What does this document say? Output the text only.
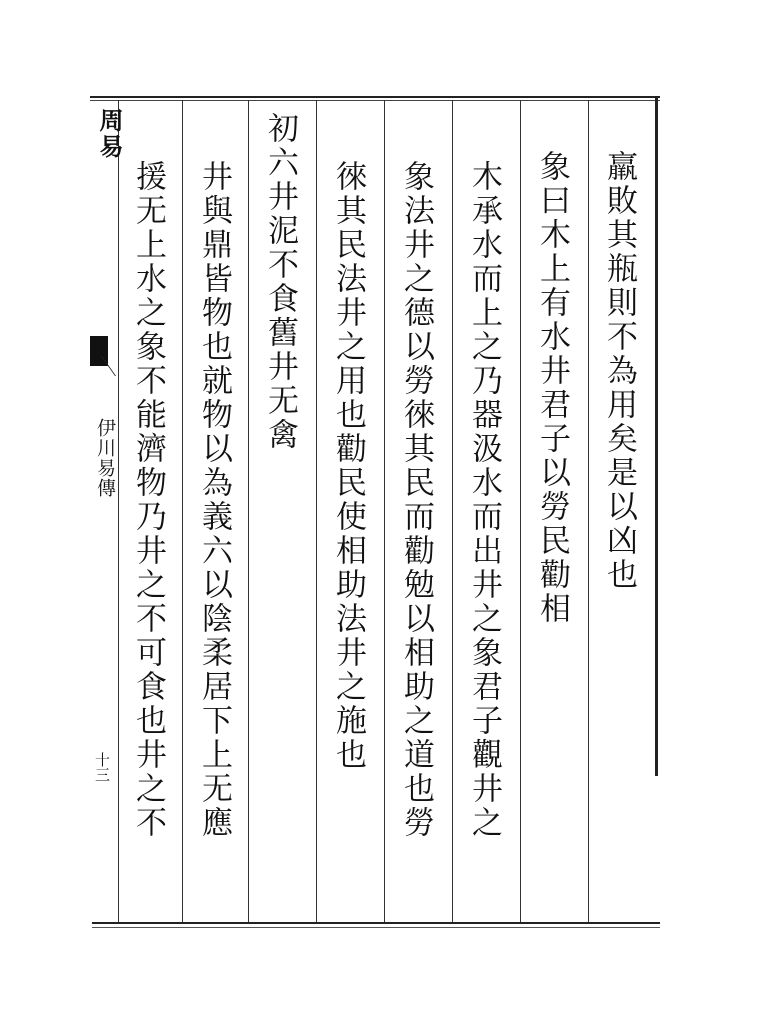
周易
伊川易傳
十三
羸敗其瓶則不為用矣是以凶也
象曰木上有水井君子以勞民勸相
木承水而上之乃器汲水而出井之象君子觀井之
象法井之德以勞徠其民而勸勉以相助之道也勞
徠其民法井之用也勸民使相助法井之施也
初六井泥不食舊井无禽
井與鼎皆物也就物以為義六以陰柔居下上无應
援无上水之象不能濟物乃井之不可食也井之不
